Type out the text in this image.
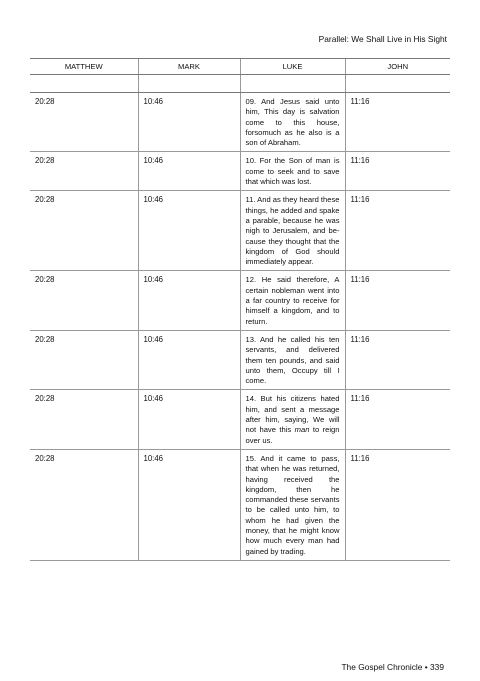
Parallel: We Shall Live in His Sight
MATTHEW	MARK	LUKE	JOHN

20:28	10:46	09. And Jesus said unto him, This day is salvation come to this house, forsomuch as he also is a son of Abraham.	11:16
20:28	10:46	10. For the Son of man is come to seek and to save that which was lost.	11:16
20:28	10:46	11. And as they heard these things, he added and spake a parable, because he was nigh to Jerusalem, and because they thought that the kingdom of God should immediately appear.	11:16
20:28	10:46	12. He said therefore, A certain nobleman went into a far country to receive for himself a kingdom, and to return.	11:16
20:28	10:46	13. And he called his ten servants, and delivered them ten pounds, and said unto them, Occupy till I come.	11:16
20:28	10:46	14. But his citizens hated him, and sent a message after him, saying, We will not have this man to reign over us.	11:16
20:28	10:46	15. And it came to pass, that when he was returned, having received the kingdom, then he commanded these servants to be called unto him, to whom he had given the money, that he might know how much every man had gained by trading.	11:16
The Gospel Chronicle • 339
